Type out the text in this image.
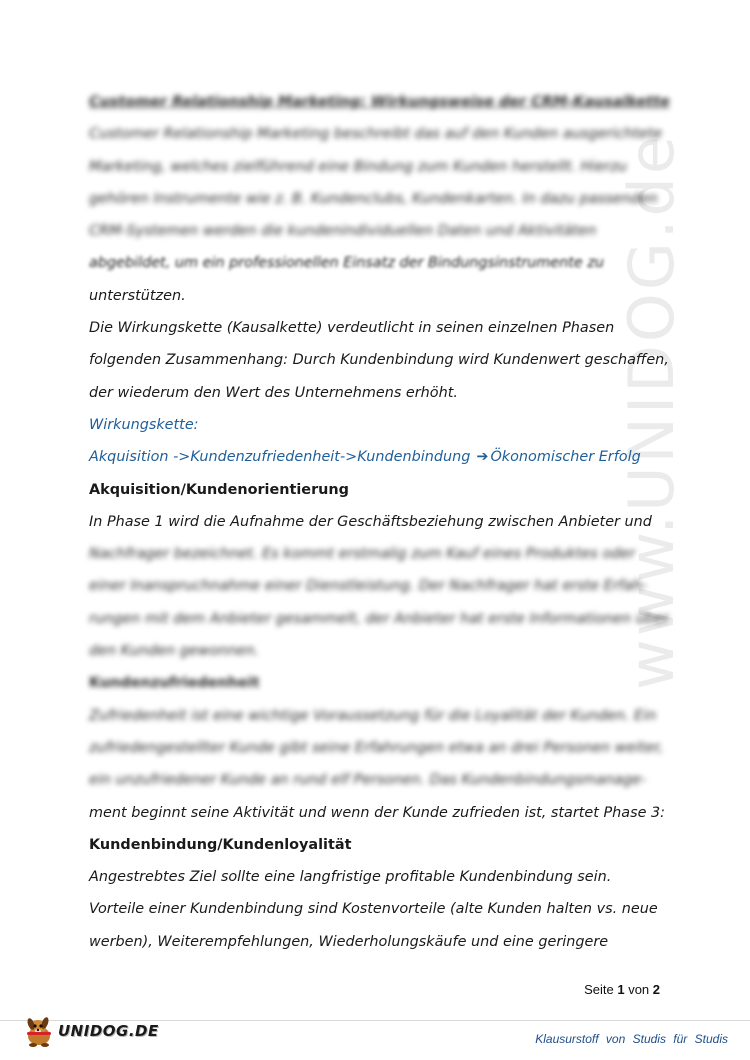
www.UNIDOG.de
Customer Relationship Marketing: Wirkungsweise der CRM-Kausalkette
Customer Relationship Marketing beschreibt das auf den Kunden ausgerichtete
Marketing, welches zielführend eine Bindung zum Kunden herstellt. Hierzu
gehören Instrumente wie z. B. Kundenclubs, Kundenkarten. In dazu passenden
CRM-Systemen werden die kundenindividuellen Daten und Aktivitäten
abgebildet, um ein professionellen Einsatz der Bindungsinstrumente zu
unterstützen.
Die Wirkungskette (Kausalkette) verdeutlicht in seinen einzelnen Phasen
folgenden Zusammenhang: Durch Kundenbindung wird Kundenwert geschaffen,
der wiederum den Wert des Unternehmens erhöht.
Wirkungskette:
Akquisition ->Kundenzufriedenheit->Kundenbindung ➔ Ökonomischer Erfolg
Akquisition/Kundenorientierung
In Phase 1 wird die Aufnahme der Geschäftsbeziehung zwischen Anbieter und
Nachfrager bezeichnet. Es kommt erstmalig zum Kauf eines Produktes oder
einer Inanspruchnahme einer Dienstleistung. Der Nachfrager hat erste Erfah-
rungen mit dem Anbieter gesammelt, der Anbieter hat erste Informationen über
den Kunden gewonnen.
Kundenzufriedenheit
Zufriedenheit ist eine wichtige Voraussetzung für die Loyalität der Kunden. Ein
zufriedengestellter Kunde gibt seine Erfahrungen etwa an drei Personen weiter,
ein unzufriedener Kunde an rund elf Personen. Das Kundenbindungsmanage-
ment beginnt seine Aktivität und wenn der Kunde zufrieden ist, startet Phase 3:
Kundenbindung/Kundenloyalität
Angestrebtes Ziel sollte eine langfristige profitable Kundenbindung sein.
Vorteile einer Kundenbindung sind Kostenvorteile (alte Kunden halten vs. neue
werben), Weiterempfehlungen, Wiederholungskäufe und eine geringere
Seite 1 von 2
UNIDOG.DE	Klausurstoff von Studis für Studis
